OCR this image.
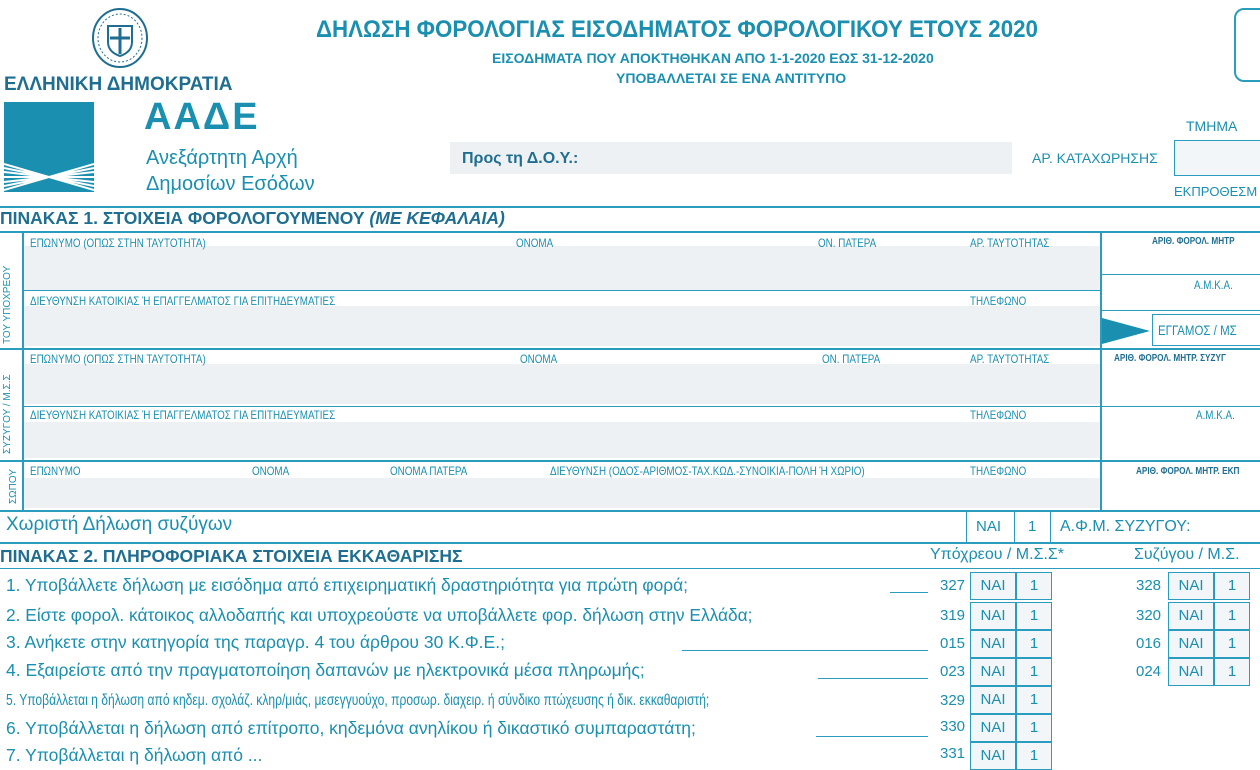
ΕΛΛΗΝΙΚΗ ΔΗΜΟΚΡΑΤΙΑ
ΑΑΔΕ
Ανεξάρτητη Αρχή
Δημοσίων Εσόδων
ΔΗΛΩΣΗ ΦΟΡΟΛΟΓΙΑΣ ΕΙΣΟΔΗΜΑΤΟΣ ΦΟΡΟΛΟΓΙΚΟΥ ΕΤΟΥΣ 2020
ΕΙΣΟΔΗΜΑΤΑ ΠΟΥ ΑΠΟΚΤΗΘΗΚΑΝ ΑΠΟ 1-1-2020 ΕΩΣ 31-12-2020
ΥΠΟΒΑΛΛΕΤΑΙ ΣΕ ΕΝΑ ΑΝΤΙΤΥΠΟ
ΤΜΗΜΑ
Προς τη Δ.Ο.Υ.:	ΑΡ. ΚΑΤΑΧΩΡΗΣΗΣ
ΕΚΠΡΟΘΕΣΜ
ΠΙΝΑΚΑΣ 1. ΣΤΟΙΧΕΙΑ ΦΟΡΟΛΟΓΟΥΜΕΝΟΥ (ΜΕ ΚΕΦΑΛΑΙΑ)
ΤΟΥ ΥΠΟΧΡΕΟΥ
ΣΥΖΥΓΟΥ / Μ.Σ.Σ
ΣΩΠΟΥ
ΕΠΩΝΥΜΟ (ΟΠΩΣ ΣΤΗΝ ΤΑΥΤΟΤΗΤΑ)	ΟΝΟΜΑ	ΟΝ. ΠΑΤΕΡΑ	ΑΡ. ΤΑΥΤΟΤΗΤΑΣ
ΔΙΕΥΘΥΝΣΗ ΚΑΤΟΙΚΙΑΣ Ή ΕΠΑΓΓΕΛΜΑΤΟΣ ΓΙΑ ΕΠΙΤΗΔΕΥΜΑΤΙΕΣ	ΤΗΛΕΦΩΝΟ
ΑΡΙΘ. ΦΟΡΟΛ. ΜΗΤΡ
Α.Μ.Κ.Α.
ΕΓΓΑΜΟΣ / ΜΣ
ΕΠΩΝΥΜΟ (ΟΠΩΣ ΣΤΗΝ ΤΑΥΤΟΤΗΤΑ)	ΟΝΟΜΑ	ΟΝ. ΠΑΤΕΡΑ	ΑΡ. ΤΑΥΤΟΤΗΤΑΣ
ΔΙΕΥΘΥΝΣΗ ΚΑΤΟΙΚΙΑΣ Ή ΕΠΑΓΓΕΛΜΑΤΟΣ ΓΙΑ ΕΠΙΤΗΔΕΥΜΑΤΙΕΣ	ΤΗΛΕΦΩΝΟ
ΑΡΙΘ. ΦΟΡΟΛ. ΜΗΤΡ. ΣΥΖΥΓ
Α.Μ.Κ.Α.
ΕΠΩΝΥΜΟ	ΟΝΟΜΑ	ΟΝΟΜΑ ΠΑΤΕΡΑ	ΔΙΕΥΘΥΝΣΗ (ΟΔΟΣ-ΑΡΙΘΜΟΣ-ΤΑΧ.ΚΩΔ.-ΣΥΝΟΙΚΙΑ-ΠΟΛΗ Ή ΧΩΡΙΟ)	ΤΗΛΕΦΩΝΟ	ΑΡΙΘ. ΦΟΡΟΛ. ΜΗΤΡ. ΕΚΠ
Χωριστή Δήλωση συζύγων	ΝΑΙ 1 Α.Φ.Μ. ΣΥΖΥΓΟΥ:
ΠΙΝΑΚΑΣ 2. ΠΛΗΡΟΦΟΡΙΑΚΑ ΣΤΟΙΧΕΙΑ ΕΚΚΑΘΑΡΙΣΗΣ	Υπόχρεου / Μ.Σ.Σ*	Συζύγου / Μ.Σ.
1. Υποβάλλετε δήλωση με εισόδημα από επιχειρηματική δραστηριότητα για πρώτη φορά;	327	ΝΑΙ	1	328	ΝΑΙ	1
2. Είστε φορολ. κάτοικος αλλοδαπής και υποχρεούστε να υποβάλλετε φορ. δήλωση στην Ελλάδα;	319	ΝΑΙ	1	320	ΝΑΙ	1
3. Ανήκετε στην κατηγορία της παραγρ. 4 του άρθρου 30 Κ.Φ.Ε.;	015	ΝΑΙ	1	016	ΝΑΙ	1
4. Εξαιρείστε από την πραγματοποίηση δαπανών με ηλεκτρονικά μέσα πληρωμής;	023	ΝΑΙ	1	024	ΝΑΙ	1
5. Υποβάλλεται η δήλωση από κηδεμ. σχολάζ. κληρ/μιάς, μεσεγγυούχο, προσωρ. διαχειρ. ή σύνδικο πτώχευσης ή δικ. εκκαθαριστή;	329	ΝΑΙ	1
6. Υποβάλλεται η δήλωση από επίτροπο, κηδεμόνα ανηλίκου ή δικαστικό συμπαραστάτη;	330	ΝΑΙ	1
7. Υποβάλλεται η δήλωση από ...	331	ΝΑΙ	1
